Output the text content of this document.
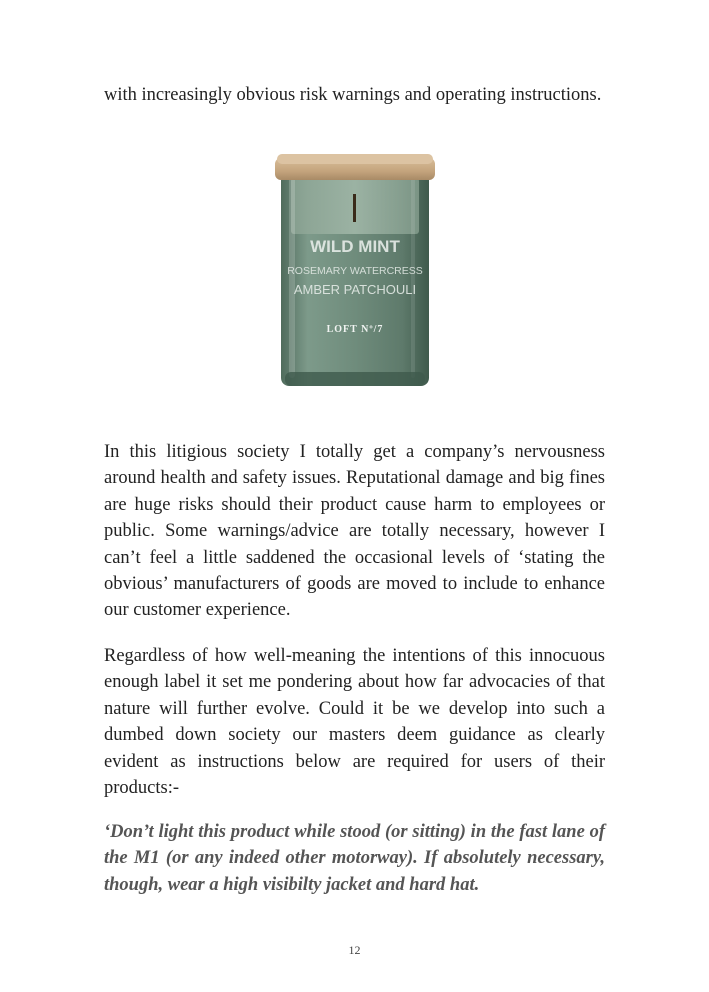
with increasingly obvious risk warnings and operating instructions.

WILD MINT
ROSEMARY WATERCRESS
AMBER PATCHOULI
LOFT Nº/7

In this litigious society I totally get a company’s nervousness around health and safety issues. Reputational damage and big fines are huge risks should their product cause harm to employees or public. Some warnings/advice are totally necessary, however I can’t feel a little saddened the occasional levels of ‘stating the obvious’ manufacturers of goods are moved to include to enhance our customer experience.

Regardless of how well-meaning the intentions of this innocuous enough label it set me pondering about how far advocacies of that nature will further evolve. Could it be we develop into such a dumbed down society our masters deem guidance as clearly evident as instructions below are required for users of their products:-

‘Don’t light this product while stood (or sitting) in the fast lane of the M1 (or any indeed other motorway). If absolutely necessary, though, wear a high visibilty jacket and hard hat.

12
